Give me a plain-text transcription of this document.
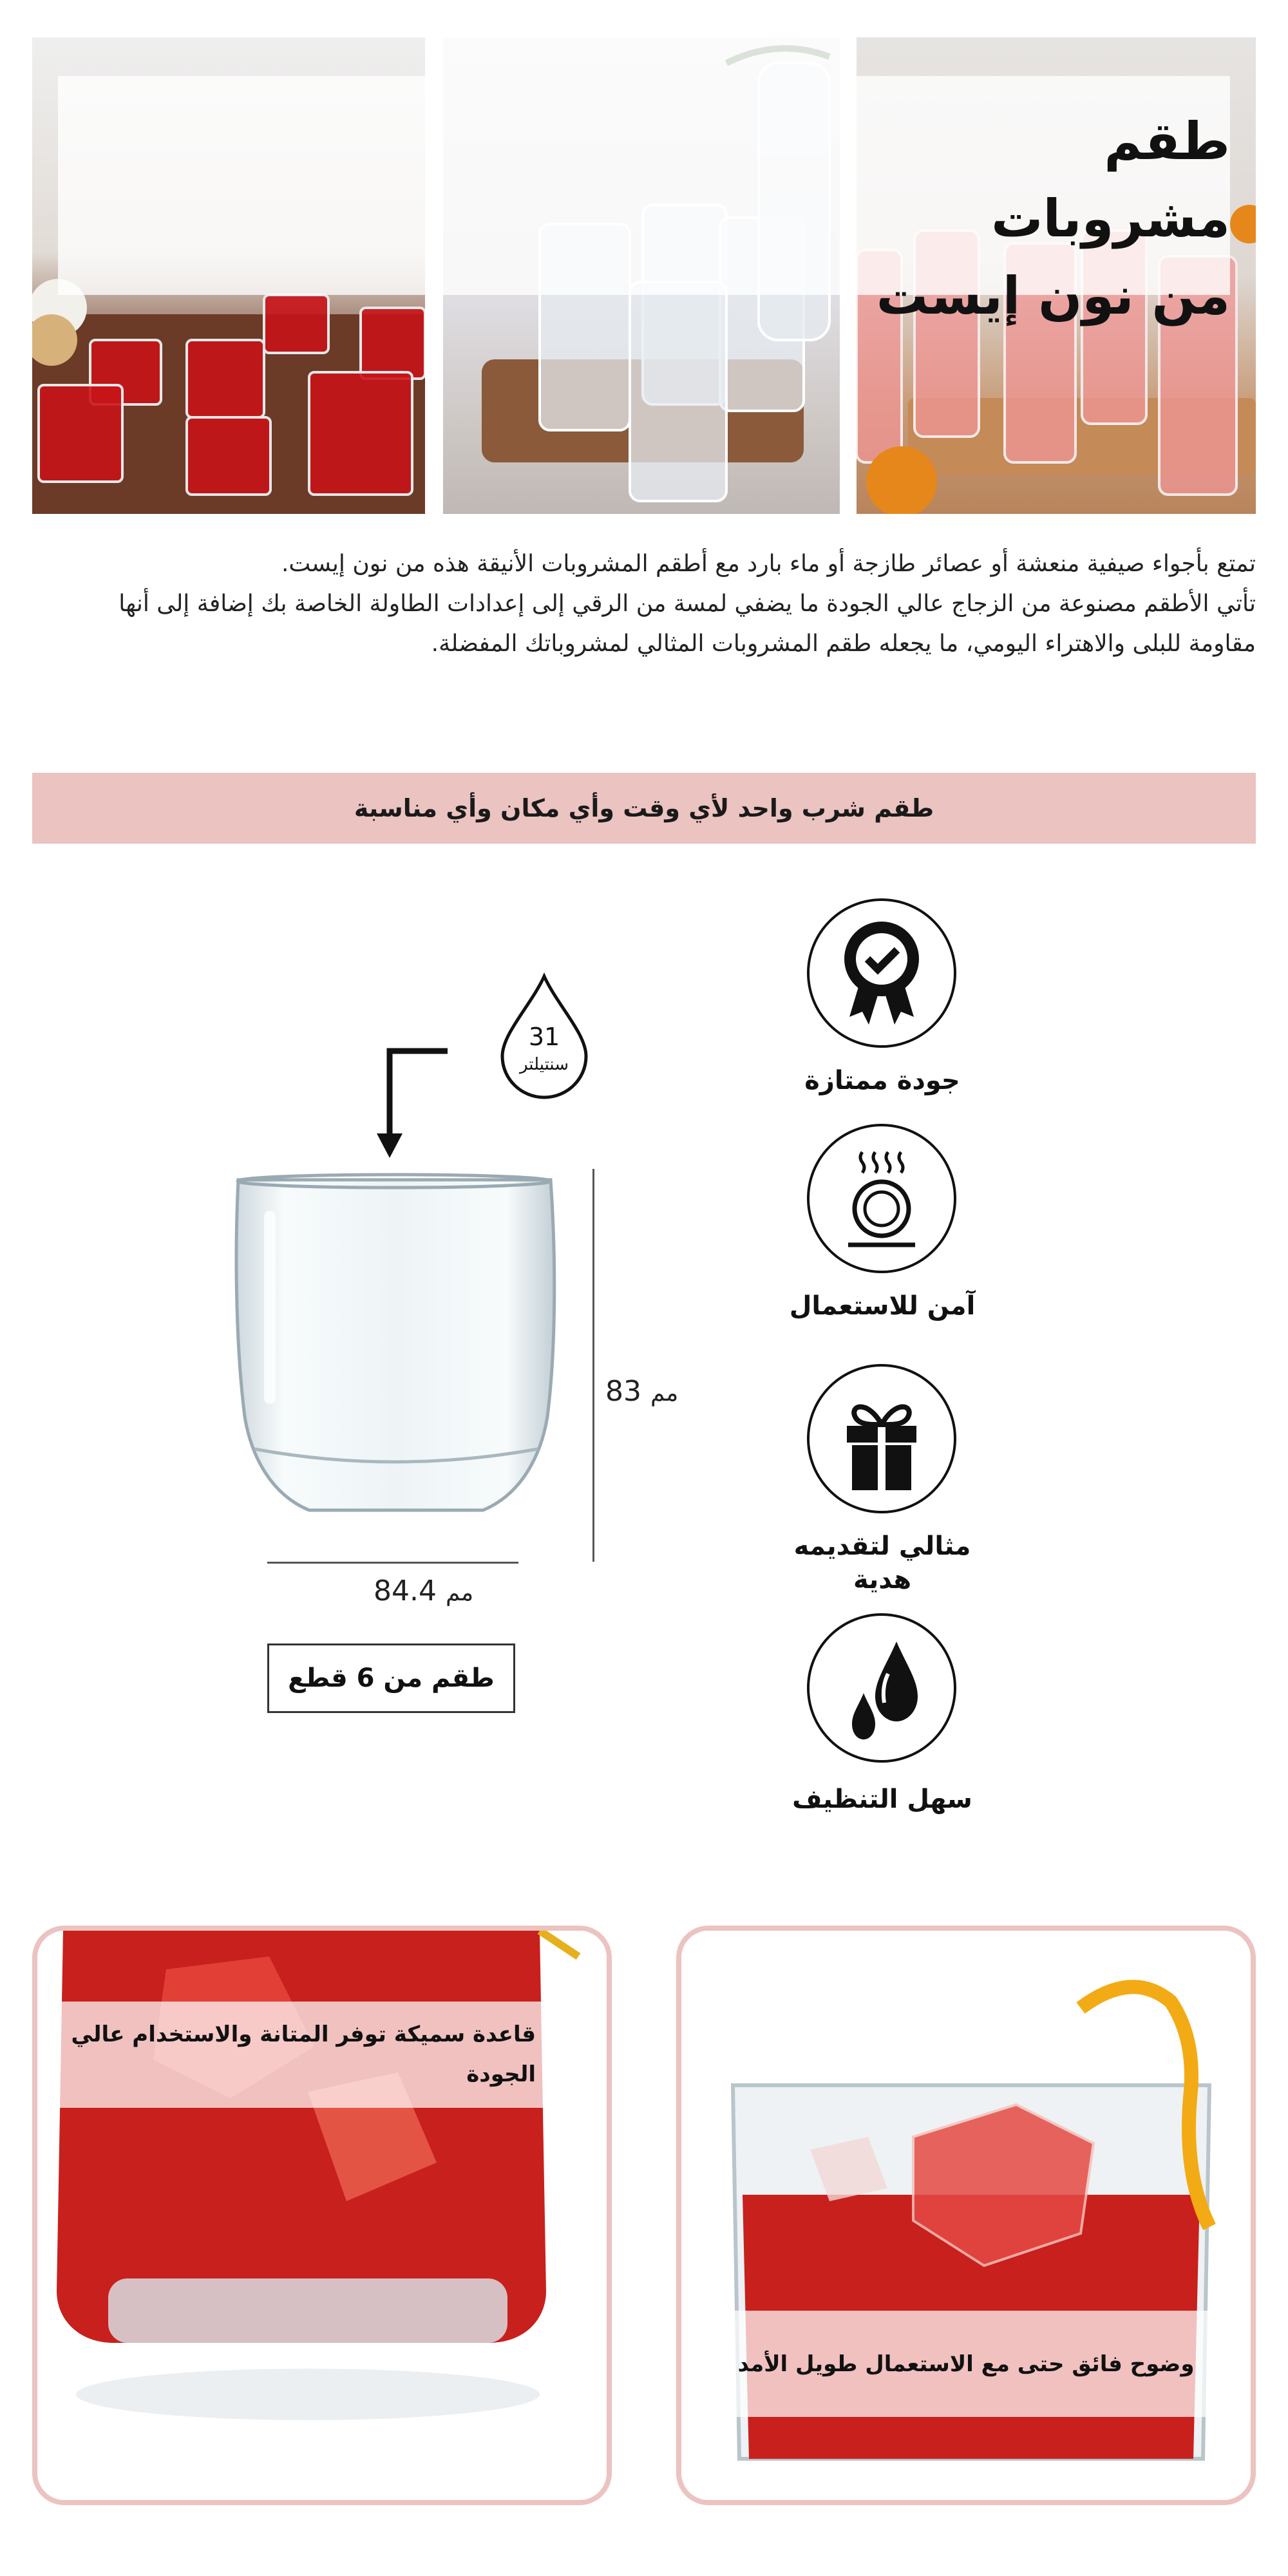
طقم مشروبات
من نون إيست
تمتع بأجواء صيفية منعشة أو عصائر طازجة أو ماء بارد مع أطقم المشروبات الأنيقة هذه من نون إيست.
تأتي الأطقم مصنوعة من الزجاج عالي الجودة ما يضفي لمسة من الرقي إلى إعدادات الطاولة الخاصة بك إضافة إلى أنها مقاومة للبلى والاهتراء اليومي، ما يجعله طقم المشروبات المثالي لمشروباتك المفضلة.
طقم شرب واحد لأي وقت وأي مكان وأي مناسبة
31
سنتيلتر
مم 83
مم 84.4
طقم من 6 قطع
جودة ممتازة
آمن للاستعمال
مثالي لتقديمه
هدية
سهل التنظيف
قاعدة سميكة توفر المتانة والاستخدام عالي
الجودة
وضوح فائق حتى مع الاستعمال طويل الأمد
